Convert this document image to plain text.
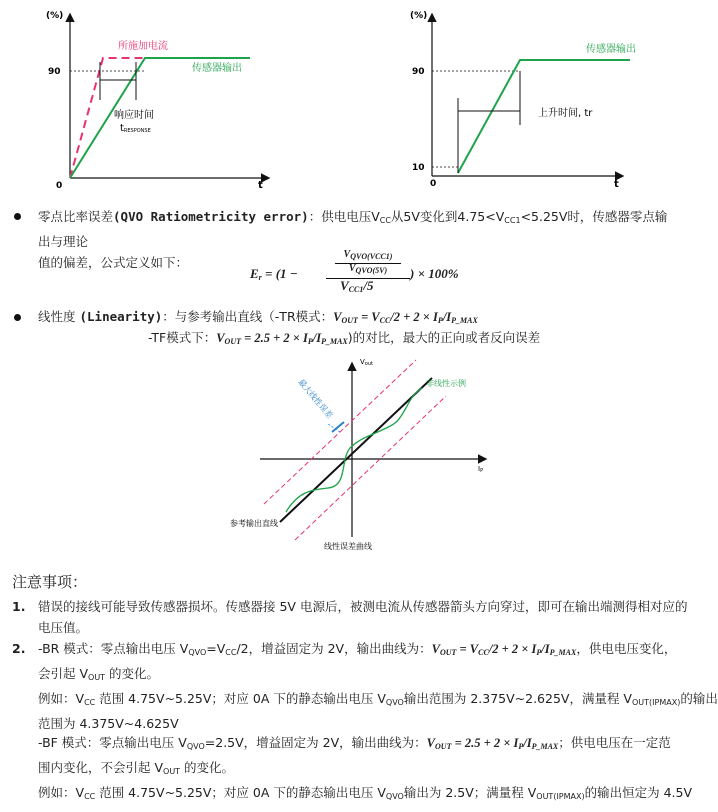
(%)
90
0	t
所施加电流
传感器输出
响应时间
tRESPONSE
(%)
90
10
0	t
传感器输出
上升时间, tr
零点比率误差(QVO Ratiometricity error)：供电电压$V_{CC}$从5V变化到$4.75<V_{CC1}<5.25V$时，传感器零点输出与理论
值的偏差，公式定义如下：
$E_r = (1$ −
$V_{QVO(VCC1)}$
$V_{QVO(5V)}$
$V_{CC1}/5$
) × 100%
线性度 (Linearity)：与参考输出直线（-TR模式：$V_{OUT} = V_{CC}/2 + 2 \times I_P/I_{P\_MAX}$
-TF模式下：$V_{OUT} = 2.5 + 2 \times I_P/I_{P\_MAX}$)的对比，最大的正向或者反向误差
Vout
IP
最大线性误差	非线性示例
参考输出直线
线性误差曲线
注意事项：
1. 错误的接线可能导致传感器损坏。传感器接 5V 电源后，被测电流从传感器箭头方向穿过，即可在输出端测得相对应的
电压值。
2. -BR 模式：零点输出电压 $V_{QVO}=V_{CC}/2$，增益固定为 2V，输出曲线为：$V_{OUT} = V_{CC}/2 + 2 \times I_P/I_{P\_MAX}$，供电电压变化，
会引起 $V_{OUT}$ 的变化。
例如：$V_{CC}$ 范围 4.75V~5.25V；对应 0A 下的静态输出电压 $V_{QVO}$输出范围为 2.375V~2.625V，满量程 $V_{OUT(IPMAX)}$的输出
范围为 4.375V~4.625V
-BF 模式：零点输出电压 $V_{QVO}=2.5V$，增益固定为 2V，输出曲线为：$V_{OUT} = 2.5 + 2 \times I_P/I_{P\_MAX}$；供电电压在一定范
围内变化，不会引起 $V_{OUT}$ 的变化。
例如：$V_{CC}$ 范围 4.75V~5.25V；对应 0A 下的静态输出电压 $V_{QVO}$输出为 2.5V；满量程 $V_{OUT(IPMAX)}$的输出恒定为 4.5V
